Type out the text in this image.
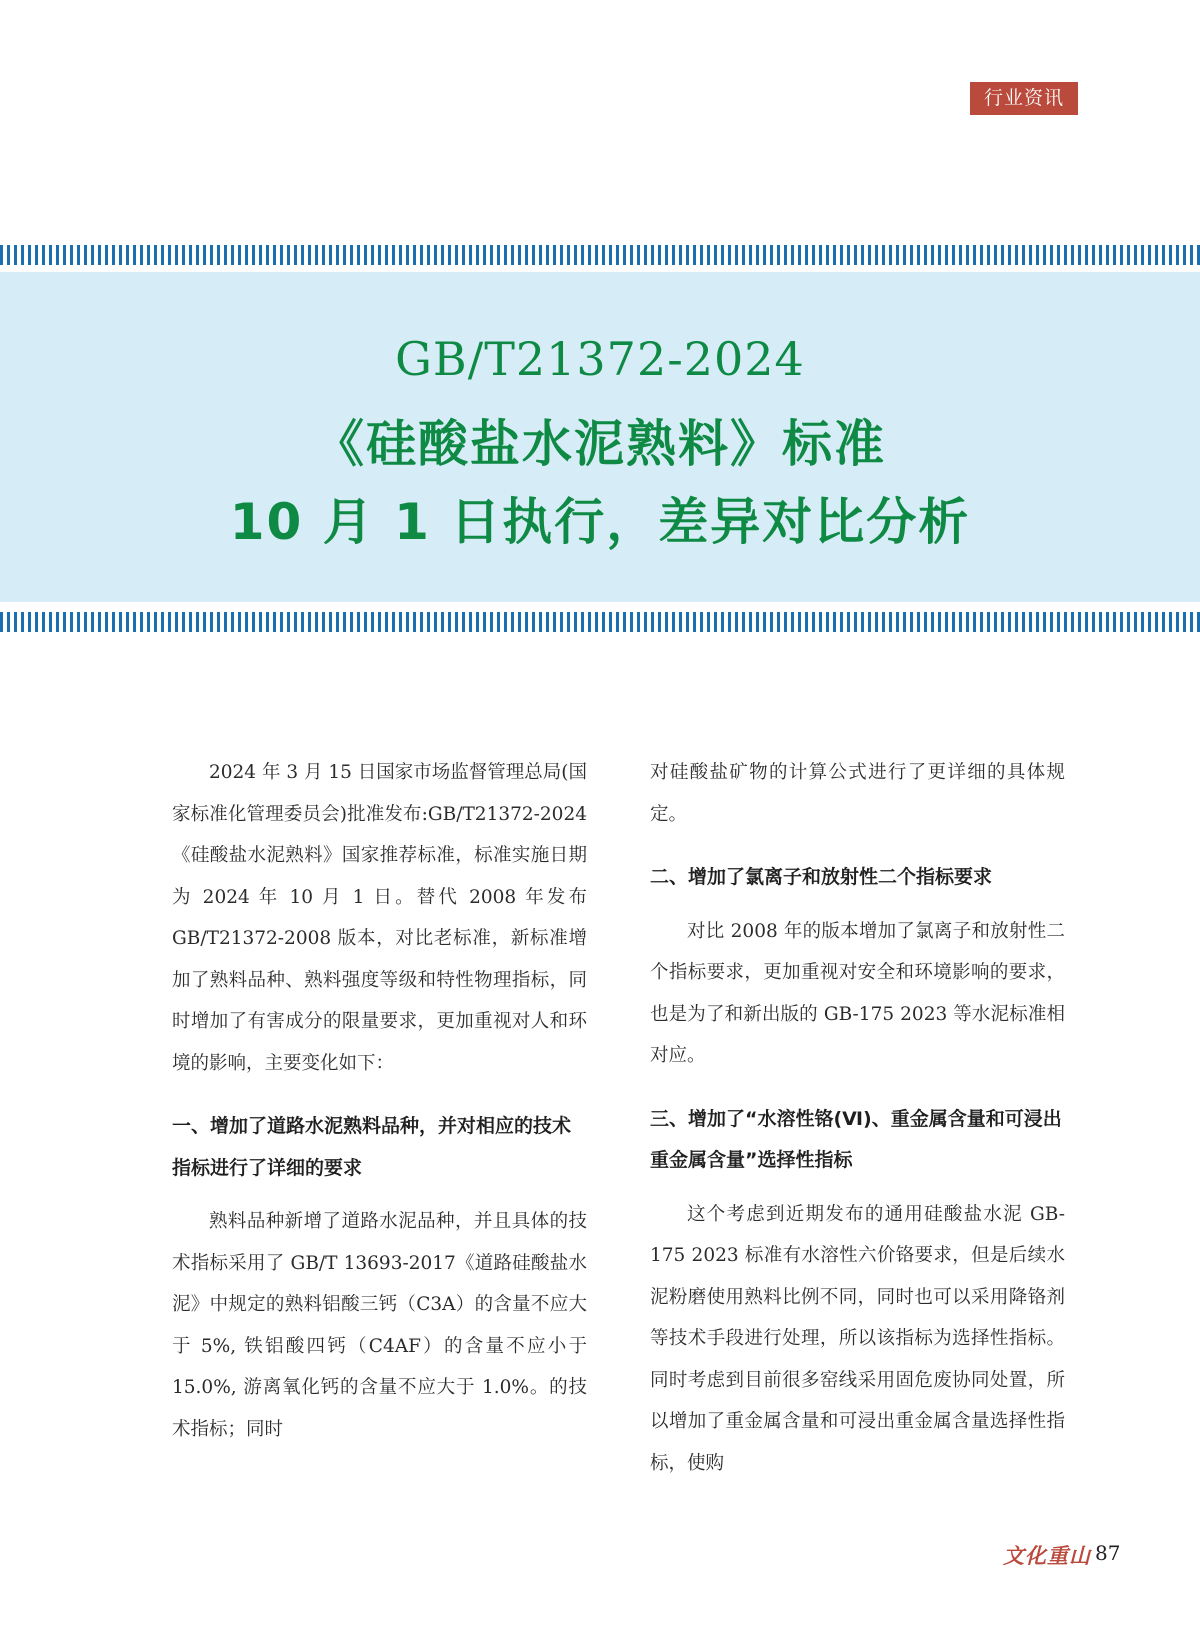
行业资讯
GB/T21372-2024
《硅酸盐水泥熟料》标准
10 月 1 日执行，差异对比分析

2024 年 3 月 15 日国家市场监督管理总局(国家标准化管理委员会)批准发布:GB/T21372-2024《硅酸盐水泥熟料》国家推荐标准，标准实施日期为 2024 年 10 月 1 日。替代 2008 年发布 GB/T21372-2008 版本，对比老标准，新标准增加了熟料品种、熟料强度等级和特性物理指标，同时增加了有害成分的限量要求，更加重视对人和环境的影响，主要变化如下：

一、增加了道路水泥熟料品种，并对相应的技术指标进行了详细的要求

熟料品种新增了道路水泥品种，并且具体的技术指标采用了 GB/T 13693-2017《道路硅酸盐水泥》中规定的熟料铝酸三钙（C3A）的含量不应大于 5%, 铁铝酸四钙（C4AF）的含量不应小于 15.0%, 游离氧化钙的含量不应大于 1.0%。的技术指标；同时

对硅酸盐矿物的计算公式进行了更详细的具体规定。

二、增加了氯离子和放射性二个指标要求

对比 2008 年的版本增加了氯离子和放射性二个指标要求，更加重视对安全和环境影响的要求，也是为了和新出版的 GB-175 2023 等水泥标准相对应。

三、增加了“水溶性铬(Ⅵ)、重金属含量和可浸出重金属含量”选择性指标

这个考虑到近期发布的通用硅酸盐水泥 GB-175 2023 标准有水溶性六价铬要求，但是后续水泥粉磨使用熟料比例不同，同时也可以采用降铬剂等技术手段进行处理，所以该指标为选择性指标。同时考虑到目前很多窑线采用固危废协同处置，所以增加了重金属含量和可浸出重金属含量选择性指标，使购

文化重山 87
